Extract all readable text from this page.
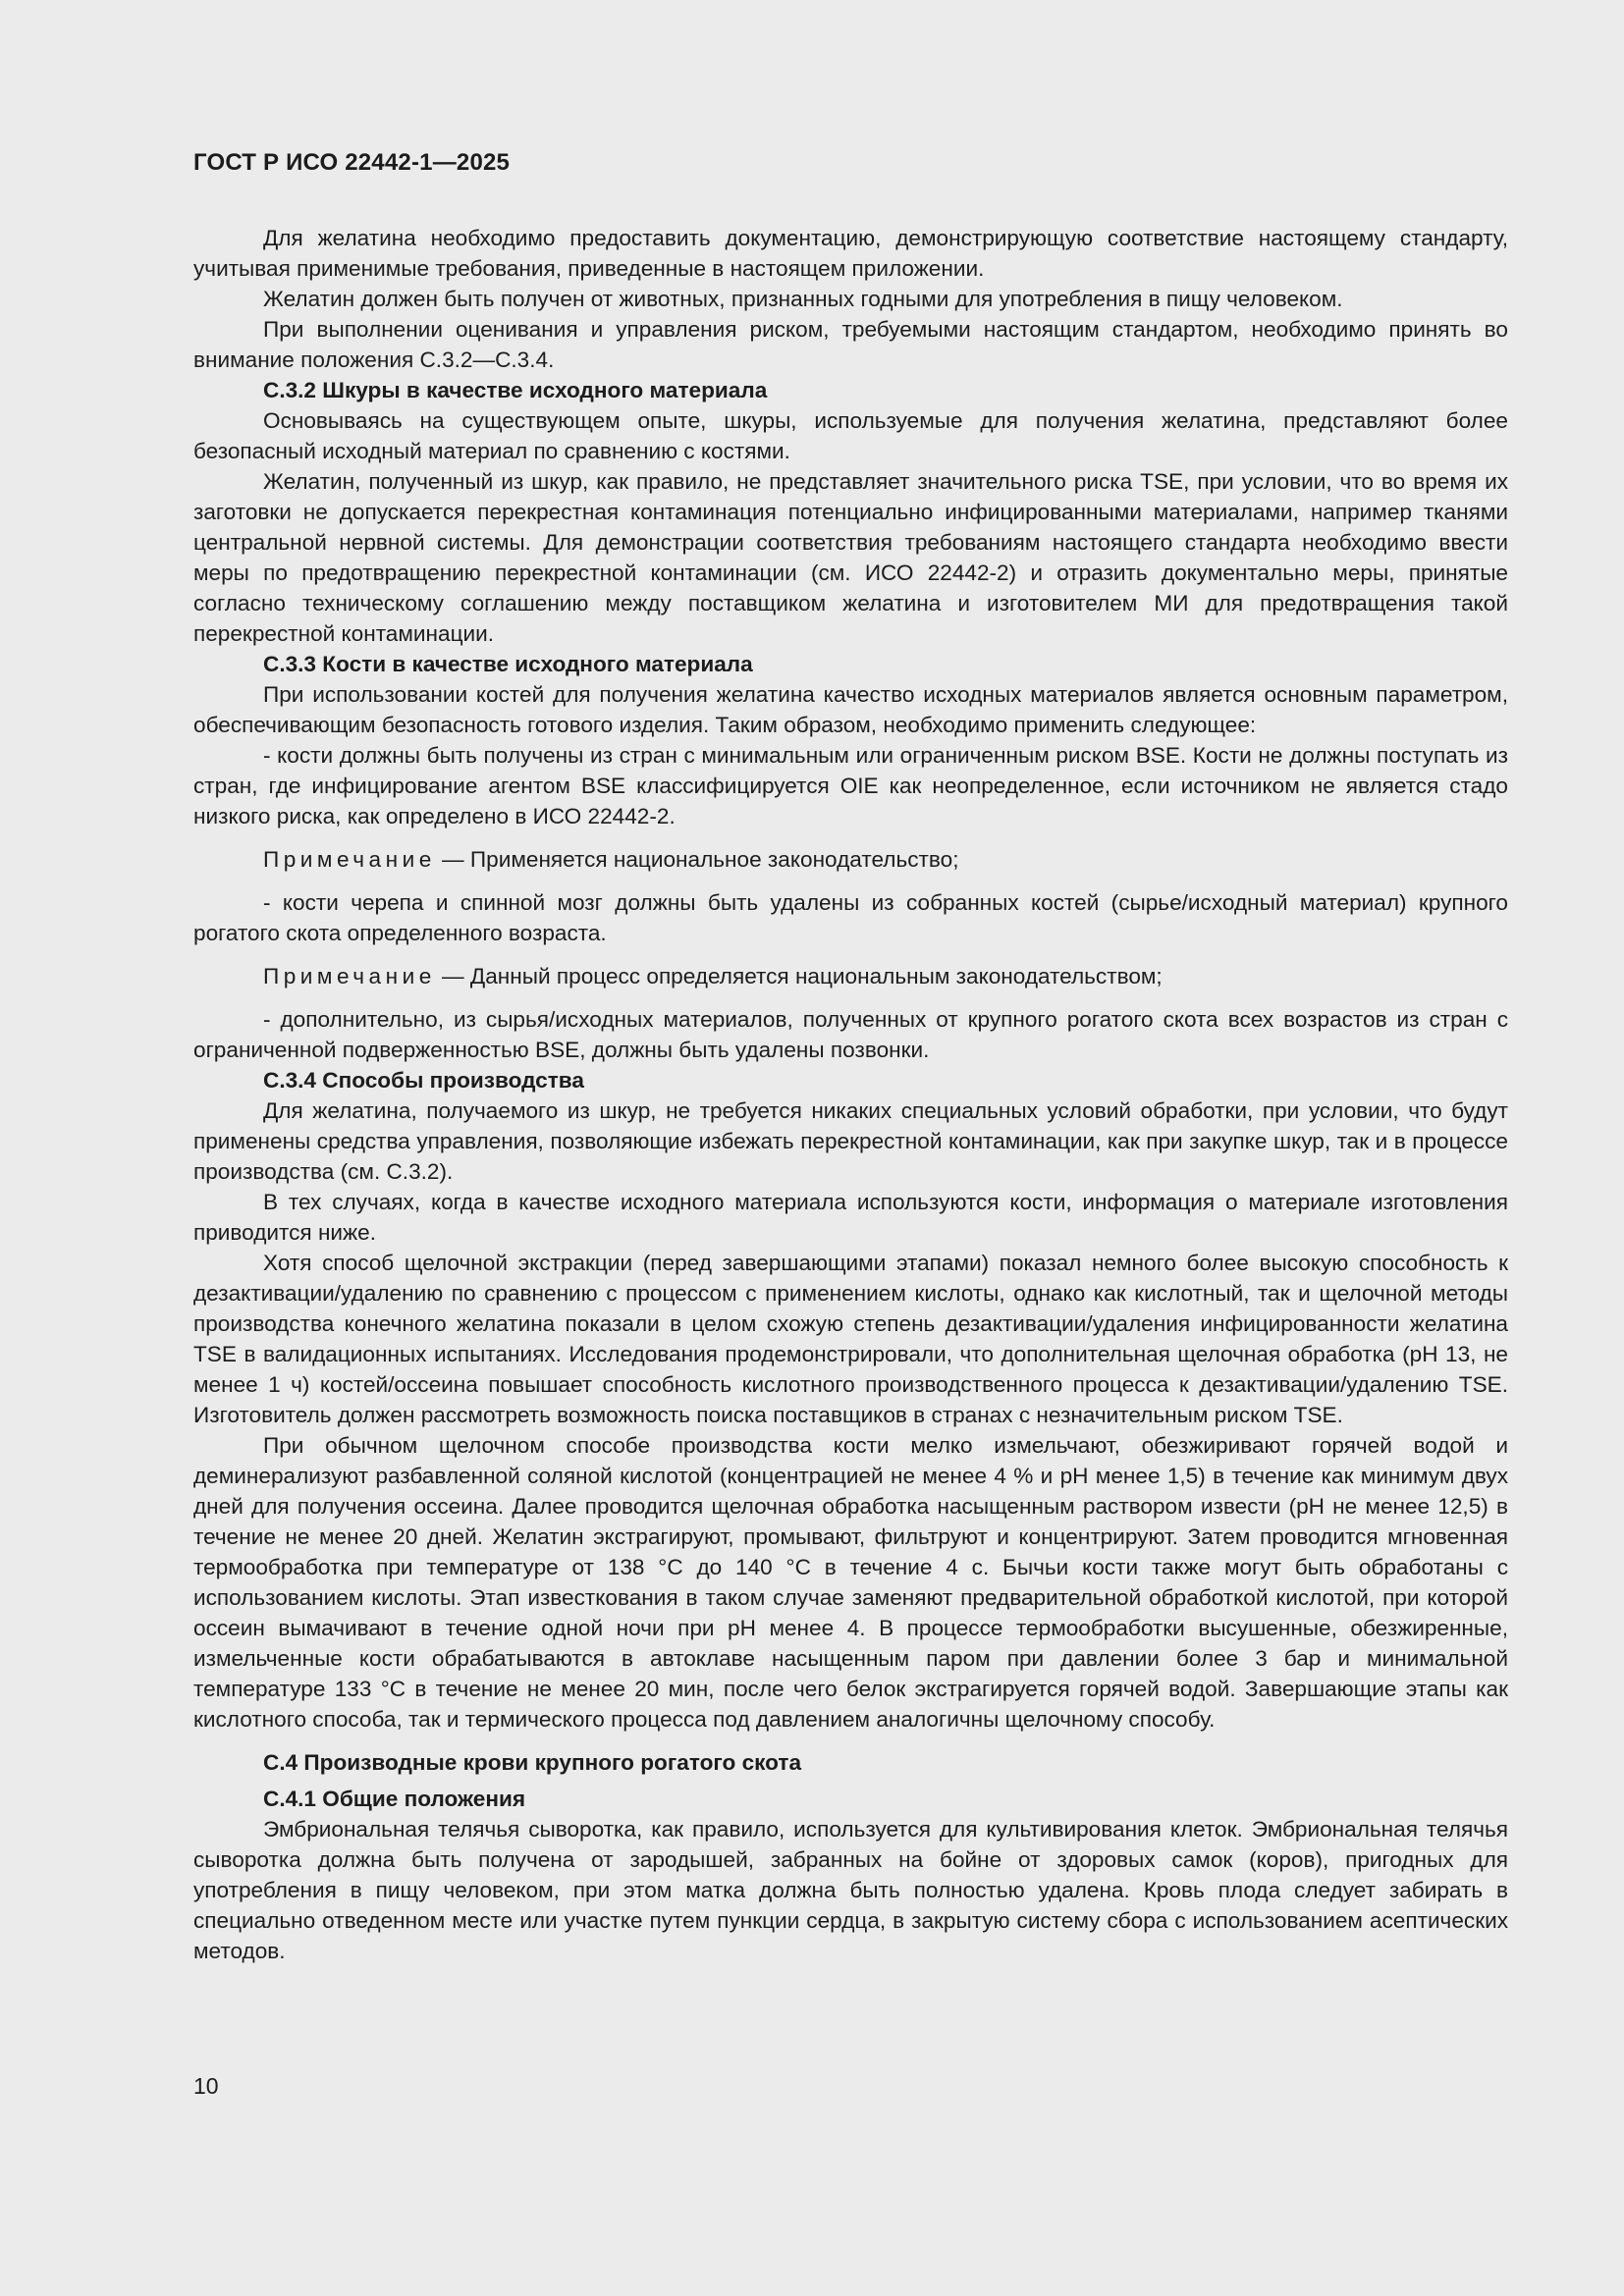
ГОСТ Р ИСО 22442-1—2025

Для желатина необходимо предоставить документацию, демонстрирующую соответствие настоящему стандарту, учитывая применимые требования, приведенные в настоящем приложении.

Желатин должен быть получен от животных, признанных годными для употребления в пищу человеком.

При выполнении оценивания и управления риском, требуемыми настоящим стандартом, необходимо принять во внимание положения С.3.2—С.3.4.

С.3.2 Шкуры в качестве исходного материала

Основываясь на существующем опыте, шкуры, используемые для получения желатина, представляют более безопасный исходный материал по сравнению с костями.

Желатин, полученный из шкур, как правило, не представляет значительного риска TSE, при условии, что во время их заготовки не допускается перекрестная контаминация потенциально инфицированными материалами, например тканями центральной нервной системы. Для демонстрации соответствия требованиям настоящего стандарта необходимо ввести меры по предотвращению перекрестной контаминации (см. ИСО 22442-2) и отразить документально меры, принятые согласно техническому соглашению между поставщиком желатина и изготовителем МИ для предотвращения такой перекрестной контаминации.

С.3.3 Кости в качестве исходного материала

При использовании костей для получения желатина качество исходных материалов является основным параметром, обеспечивающим безопасность готового изделия. Таким образом, необходимо применить следующее:

- кости должны быть получены из стран с минимальным или ограниченным риском BSE. Кости не должны поступать из стран, где инфицирование агентом BSE классифицируется OIE как неопределенное, если источником не является стадо низкого риска, как определено в ИСО 22442-2.

Примечание — Применяется национальное законодательство;

- кости черепа и спинной мозг должны быть удалены из собранных костей (сырье/исходный материал) крупного рогатого скота определенного возраста.

Примечание — Данный процесс определяется национальным законодательством;

- дополнительно, из сырья/исходных материалов, полученных от крупного рогатого скота всех возрастов из стран с ограниченной подверженностью BSE, должны быть удалены позвонки.

С.3.4 Способы производства

Для желатина, получаемого из шкур, не требуется никаких специальных условий обработки, при условии, что будут применены средства управления, позволяющие избежать перекрестной контаминации, как при закупке шкур, так и в процессе производства (см. С.3.2).

В тех случаях, когда в качестве исходного материала используются кости, информация о материале изготовления приводится ниже.

Хотя способ щелочной экстракции (перед завершающими этапами) показал немного более высокую способность к дезактивации/удалению по сравнению с процессом с применением кислоты, однако как кислотный, так и щелочной методы производства конечного желатина показали в целом схожую степень дезактивации/удаления инфицированности желатина TSE в валидационных испытаниях. Исследования продемонстрировали, что дополнительная щелочная обработка (pH 13, не менее 1 ч) костей/оссеина повышает способность кислотного производственного процесса к дезактивации/удалению TSE. Изготовитель должен рассмотреть возможность поиска поставщиков в странах с незначительным риском TSE.

При обычном щелочном способе производства кости мелко измельчают, обезжиривают горячей водой и деминерализуют разбавленной соляной кислотой (концентрацией не менее 4 % и pH менее 1,5) в течение как минимум двух дней для получения оссеина. Далее проводится щелочная обработка насыщенным раствором извести (pH не менее 12,5) в течение не менее 20 дней. Желатин экстрагируют, промывают, фильтруют и концентрируют. Затем проводится мгновенная термообработка при температуре от 138 °С до 140 °С в течение 4 с. Бычьи кости также могут быть обработаны с использованием кислоты. Этап известкования в таком случае заменяют предварительной обработкой кислотой, при которой оссеин вымачивают в течение одной ночи при pH менее 4. В процессе термообработки высушенные, обезжиренные, измельченные кости обрабатываются в автоклаве насыщенным паром при давлении более 3 бар и минимальной температуре 133 °С в течение не менее 20 мин, после чего белок экстрагируется горячей водой. Завершающие этапы как кислотного способа, так и термического процесса под давлением аналогичны щелочному способу.

С.4 Производные крови крупного рогатого скота

С.4.1 Общие положения

Эмбриональная телячья сыворотка, как правило, используется для культивирования клеток. Эмбриональная телячья сыворотка должна быть получена от зародышей, забранных на бойне от здоровых самок (коров), пригодных для употребления в пищу человеком, при этом матка должна быть полностью удалена. Кровь плода следует забирать в специально отведенном месте или участке путем пункции сердца, в закрытую систему сбора с использованием асептических методов.

10
